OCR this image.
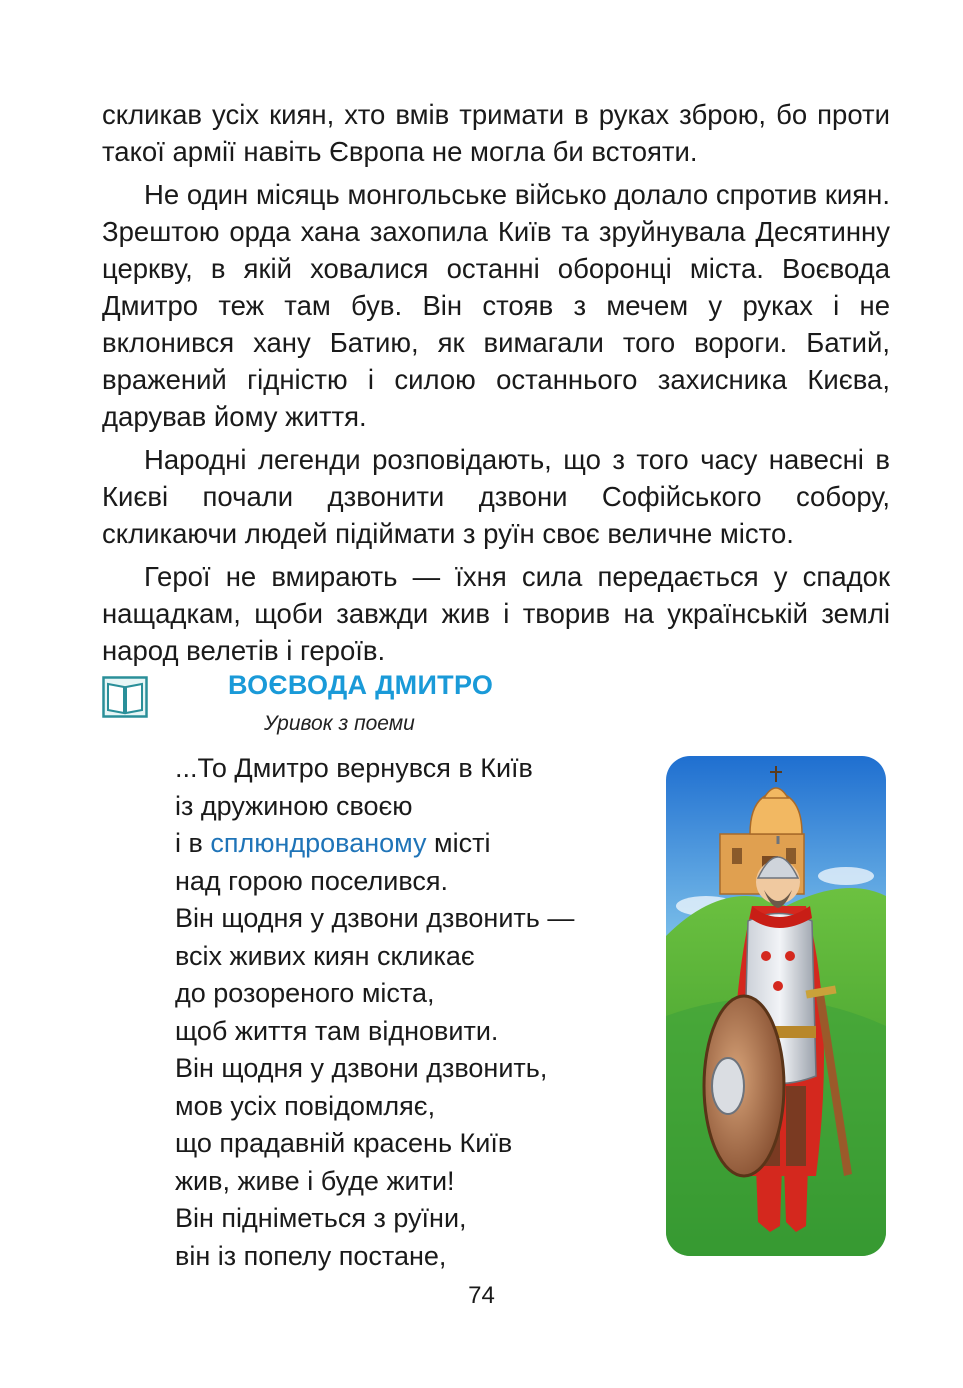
скликав усіх киян, хто вмів тримати в руках зброю, бо проти такої армії навіть Європа не могла би встояти.

Не один місяць монгольське військо долало спротив киян. Зрештою орда хана захопила Київ та зруйнувала Десятинну церкву, в якій ховалися останні оборонці міста. Воєвода Дмитро теж там був. Він стояв з мечем у руках і не вклонився хану Батию, як вимагали того вороги. Батий, вражений гідністю і силою останнього захисника Києва, дарував йому життя.

Народні легенди розповідають, що з того часу навесні в Києві почали дзвонити дзвони Софійського собору, скликаючи людей підіймати з руїн своє величне місто.

Герої не вмирають — їхня сила передається у спадок нащадкам, щоби завжди жив і творив на українській землі народ велетів і героїв.

ВОЄВОДА ДМИТРО
Уривок з поеми
...То Дмитро вернувся в Київ
із дружиною своєю
і в сплюндрованому місті
над горою поселився.
Він щодня у дзвони дзвонить —
всіх живих киян скликає
до розореного міста,
щоб життя там відновити.
Він щодня у дзвони дзвонить,
мов усіх повідомляє,
що прадавній красень Київ
жив, живе і буде жити!
Він підніметься з руїни,
він із попелу постане,
74
